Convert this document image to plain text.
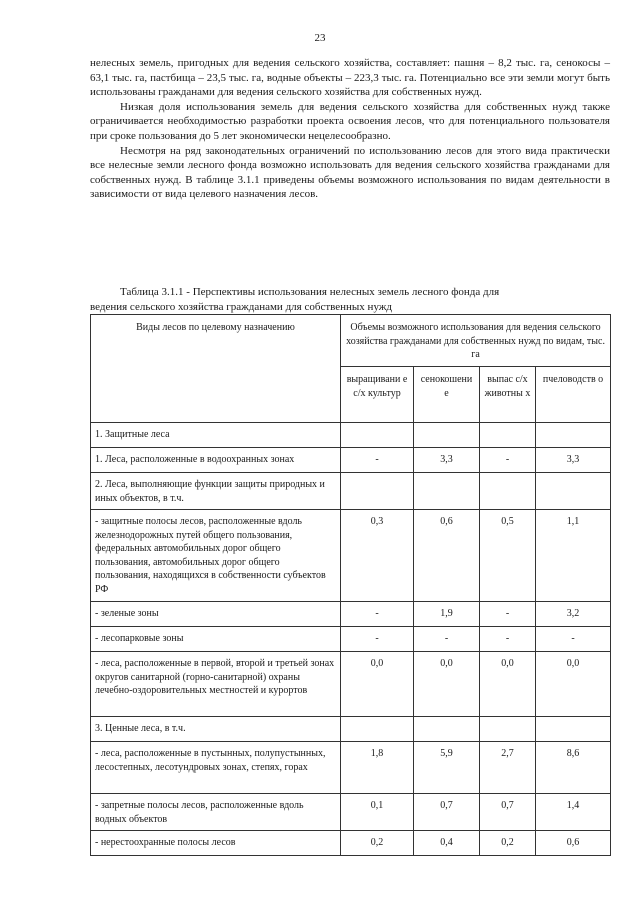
23

нелесных земель, пригодных для ведения сельского хозяйства, составляет: пашня – 8,2 тыс. га, сенокосы – 63,1 тыс. га, пастбища – 23,5 тыс. га, водные объекты – 223,3 тыс. га. Потенциально все эти земли могут быть использованы гражданами для ведения сельского хозяйства для собственных нужд.

Низкая доля использования земель для ведения сельского хозяйства для собственных нужд также ограничивается необходимостью разработки проекта освоения лесов, что для потенциального пользователя при сроке пользования до 5 лет экономически нецелесообразно.

Несмотря на ряд законодательных ограничений по использованию лесов для этого вида практически все нелесные земли лесного фонда возможно использовать для ведения сельского хозяйства гражданами для собственных нужд. В таблице 3.1.1 приведены объемы возможного использования по видам деятельности в зависимости от вида целевого назначения лесов.

Таблица 3.1.1 - Перспективы использования нелесных земель лесного фонда для
ведения сельского хозяйства гражданами для собственных нужд
Виды лесов по целевому назначению	Объемы возможного использования для ведения сельского хозяйства гражданами для собственных нужд по видам, тыс. га			
	выращивани е с/х культур	сенокошени е	выпас с/х животны х	пчеловодств о
1. Защитные леса				
1. Леса, расположенные в водоохранных зонах	-	3,3	-	3,3
2. Леса, выполняющие функции защиты природных и иных объектов, в т.ч.				
- защитные полосы лесов, расположенные вдоль железнодорожных путей общего пользования, федеральных автомобильных дорог общего пользования, автомобильных дорог общего пользования, находящихся в собственности субъектов РФ	0,3	0,6	0,5	1,1
- зеленые зоны	-	1,9	-	3,2
- лесопарковые зоны	-	-	-	-
- леса, расположенные в первой, второй и третьей зонах округов санитарной (горно-санитарной) охраны лечебно-оздоровительных местностей и курортов	0,0	0,0	0,0	0,0
3. Ценные леса, в т.ч.				
- леса, расположенные в пустынных, полупустынных, лесостепных, лесотундровых зонах, степях, горах	1,8	5,9	2,7	8,6
- запретные полосы лесов, расположенные вдоль водных объектов	0,1	0,7	0,7	1,4
- нерестоохранные полосы лесов	0,2	0,4	0,2	0,6
